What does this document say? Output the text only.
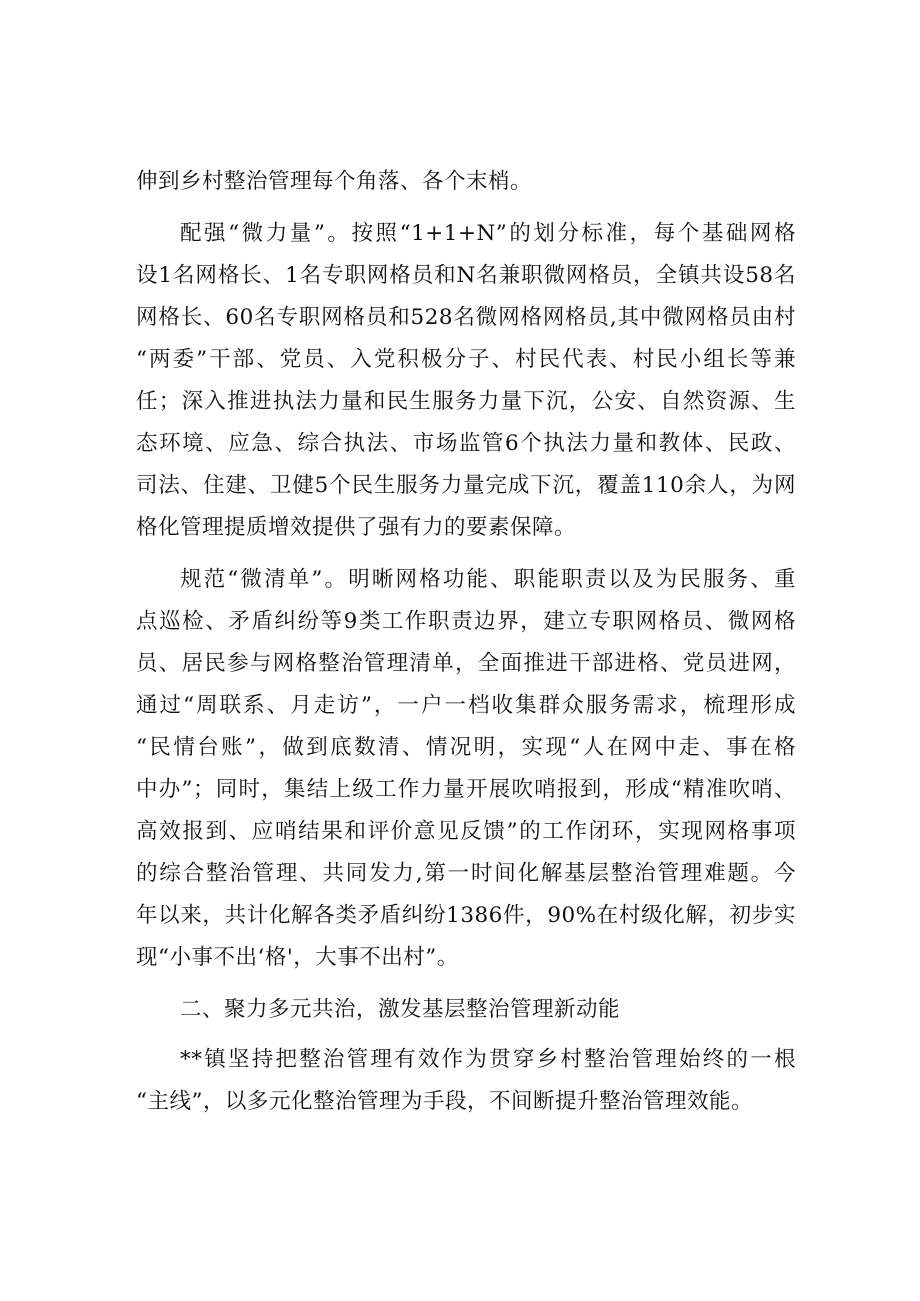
伸到乡村整治管理每个角落、各个末梢。
配强“微力量”。按照“1+1+N”的划分标准，每个基础网格
设1名网格长、1名专职网格员和N名兼职微网格员，全镇共设58名
网格长、60名专职网格员和528名微网格网格员,其中微网格员由村
“两委”干部、党员、入党积极分子、村民代表、村民小组长等兼
任；深入推进执法力量和民生服务力量下沉，公安、自然资源、生
态环境、应急、综合执法、市场监管6个执法力量和教体、民政、
司法、住建、卫健5个民生服务力量完成下沉，覆盖110余人，为网
格化管理提质增效提供了强有力的要素保障。
规范“微清单”。明晰网格功能、职能职责以及为民服务、重
点巡检、矛盾纠纷等9类工作职责边界，建立专职网格员、微网格
员、居民参与网格整治管理清单，全面推进干部进格、党员进网，
通过“周联系、月走访”，一户一档收集群众服务需求，梳理形成
“民情台账”，做到底数清、情况明，实现“人在网中走、事在格
中办”；同时，集结上级工作力量开展吹哨报到，形成“精准吹哨、
高效报到、应哨结果和评价意见反馈”的工作闭环，实现网格事项
的综合整治管理、共同发力,第一时间化解基层整治管理难题。今
年以来，共计化解各类矛盾纠纷1386件，90%在村级化解，初步实
现“小事不出‘格'，大事不出村”。
二、聚力多元共治，激发基层整治管理新动能
**镇坚持把整治管理有效作为贯穿乡村整治管理始终的一根
“主线”，以多元化整治管理为手段，不间断提升整治管理效能。
